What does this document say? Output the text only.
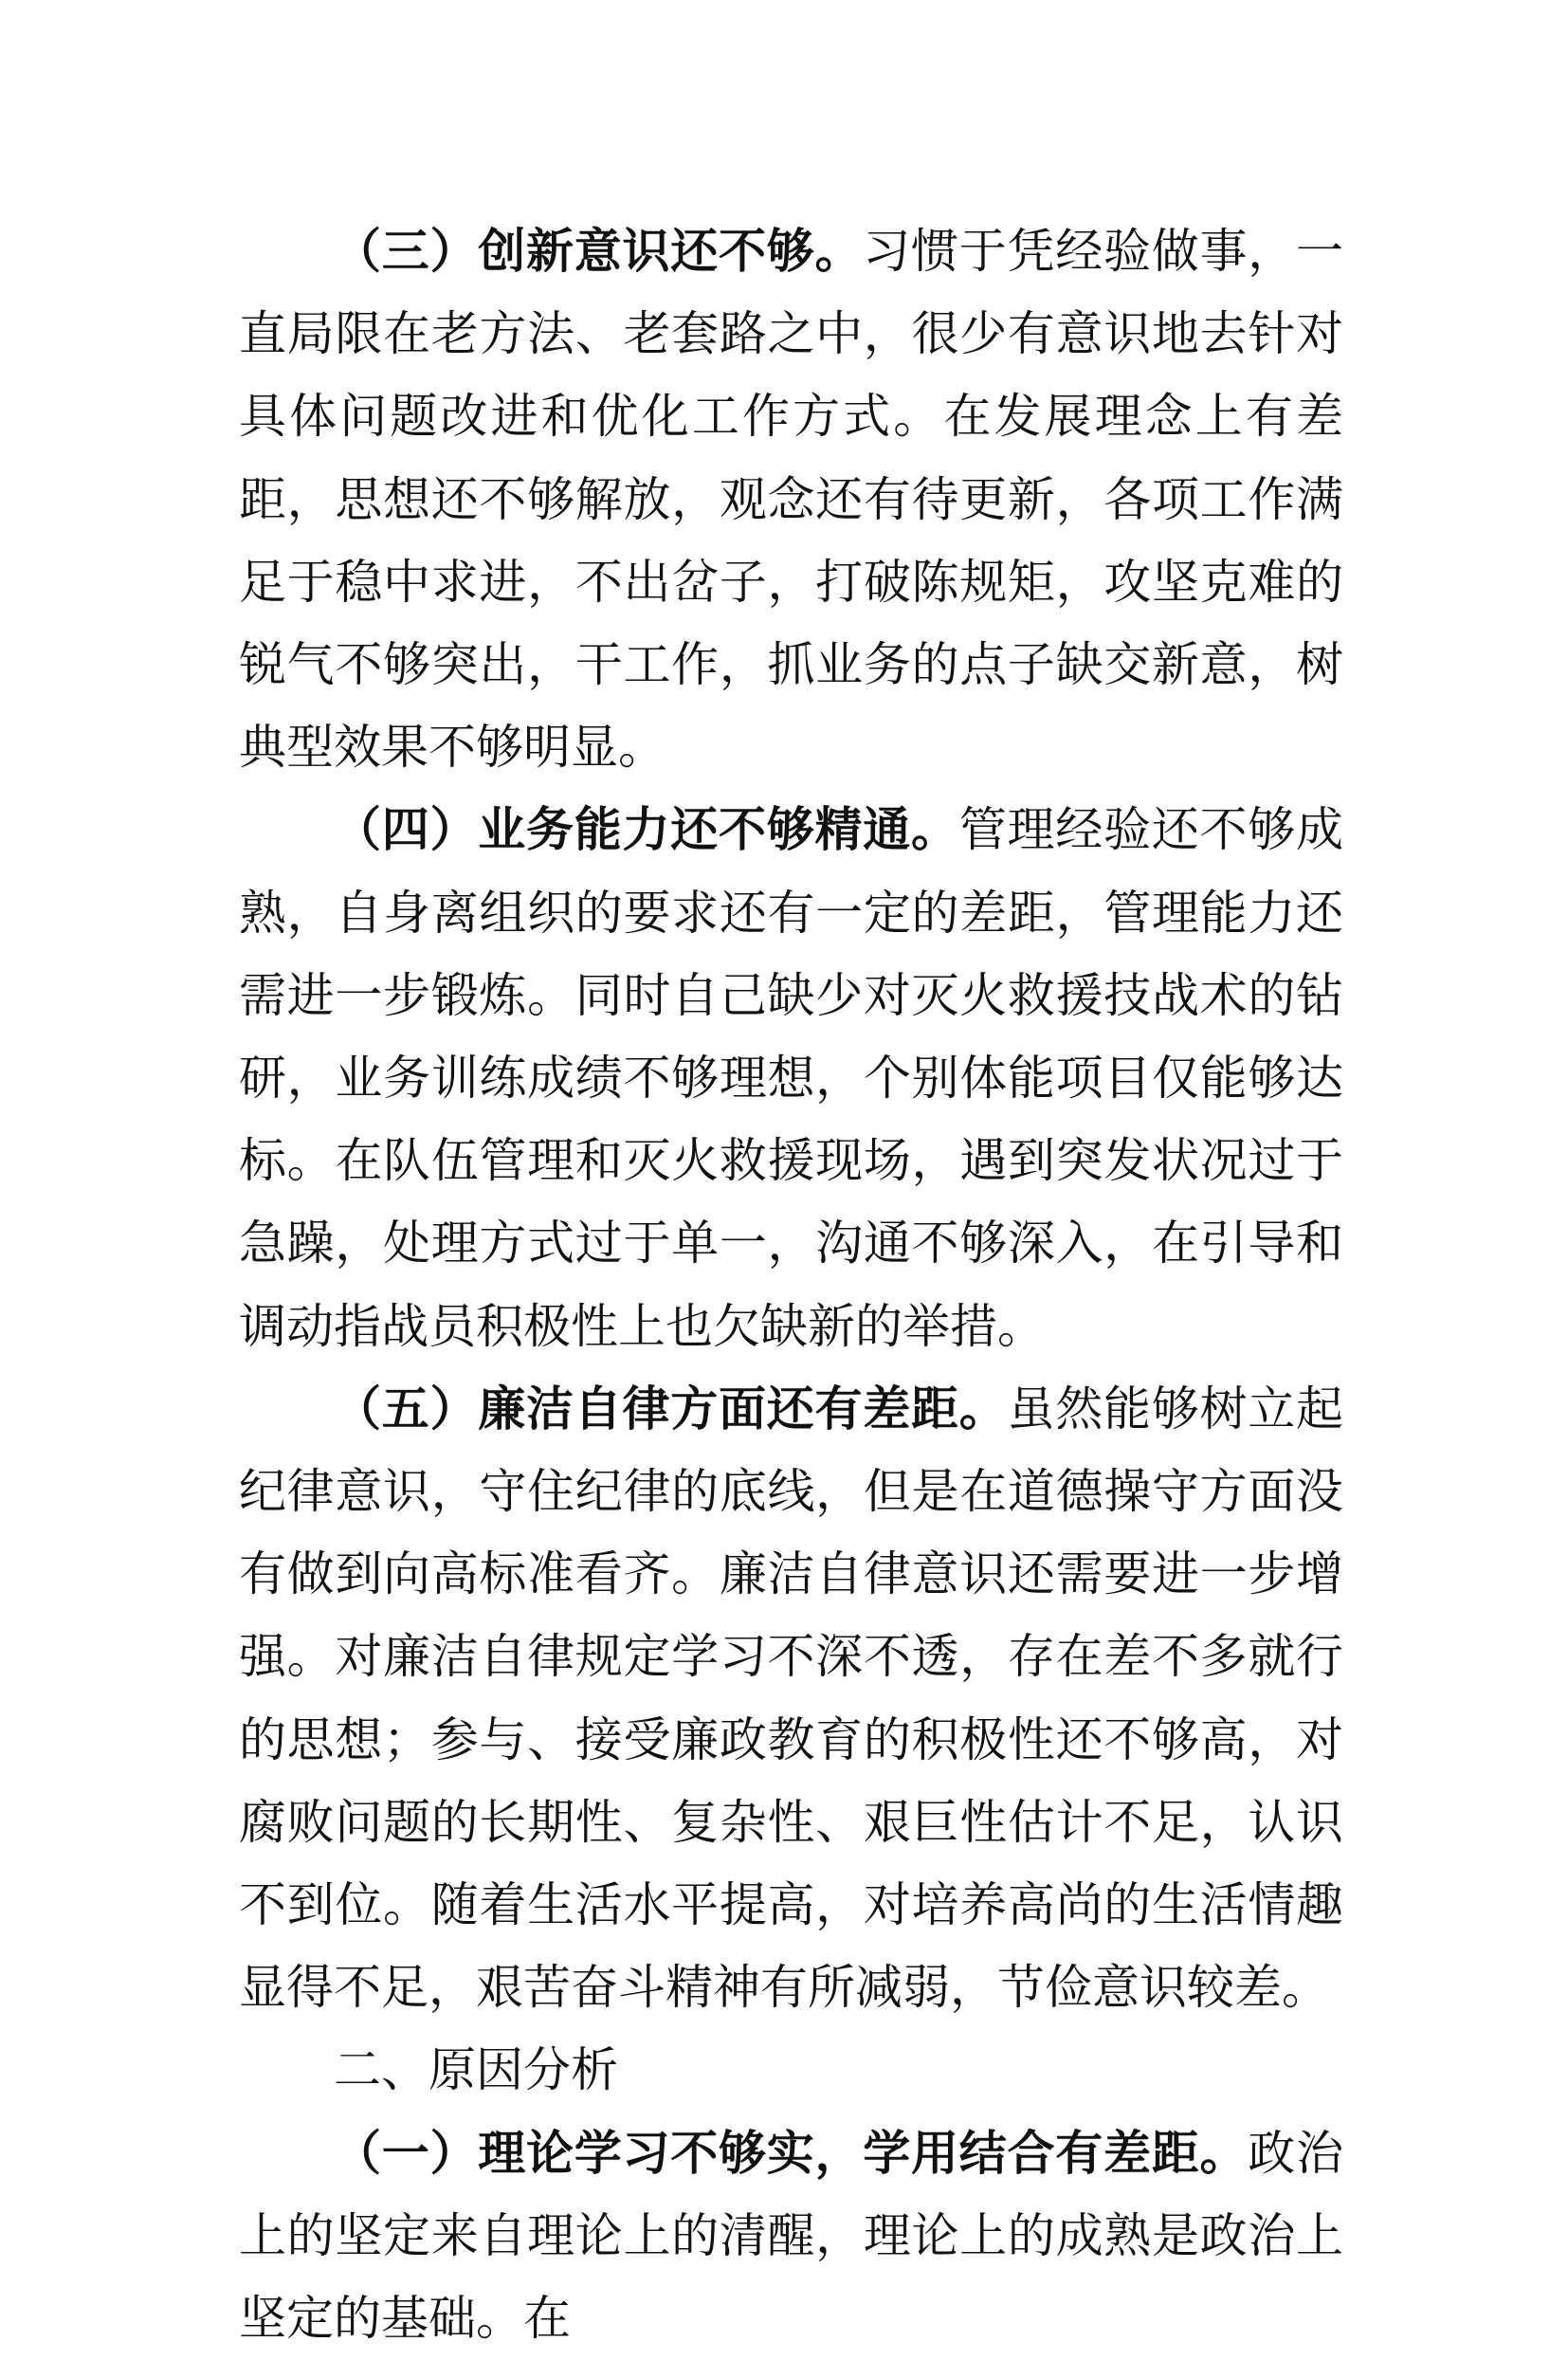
（三）创新意识还不够。习惯于凭经验做事，一直局限在老方法、老套路之中，很少有意识地去针对具体问题改进和优化工作方式。在发展理念上有差距，思想还不够解放，观念还有待更新，各项工作满足于稳中求进，不出岔子，打破陈规矩，攻坚克难的锐气不够突出，干工作，抓业务的点子缺交新意，树典型效果不够明显。

（四）业务能力还不够精通。管理经验还不够成熟，自身离组织的要求还有一定的差距，管理能力还需进一步锻炼。同时自己缺少对灭火救援技战术的钻研，业务训练成绩不够理想，个别体能项目仅能够达标。在队伍管理和灭火救援现场，遇到突发状况过于急躁，处理方式过于单一，沟通不够深入，在引导和调动指战员积极性上也欠缺新的举措。

（五）廉洁自律方面还有差距。虽然能够树立起纪律意识，守住纪律的底线，但是在道德操守方面没有做到向高标准看齐。廉洁自律意识还需要进一步增强。对廉洁自律规定学习不深不透，存在差不多就行的思想；参与、接受廉政教育的积极性还不够高，对腐败问题的长期性、复杂性、艰巨性估计不足，认识不到位。随着生活水平提高，对培养高尚的生活情趣显得不足，艰苦奋斗精神有所减弱，节俭意识较差。

二、原因分析

（一）理论学习不够实，学用结合有差距。政治上的坚定来自理论上的清醒，理论上的成熟是政治上坚定的基础。在
